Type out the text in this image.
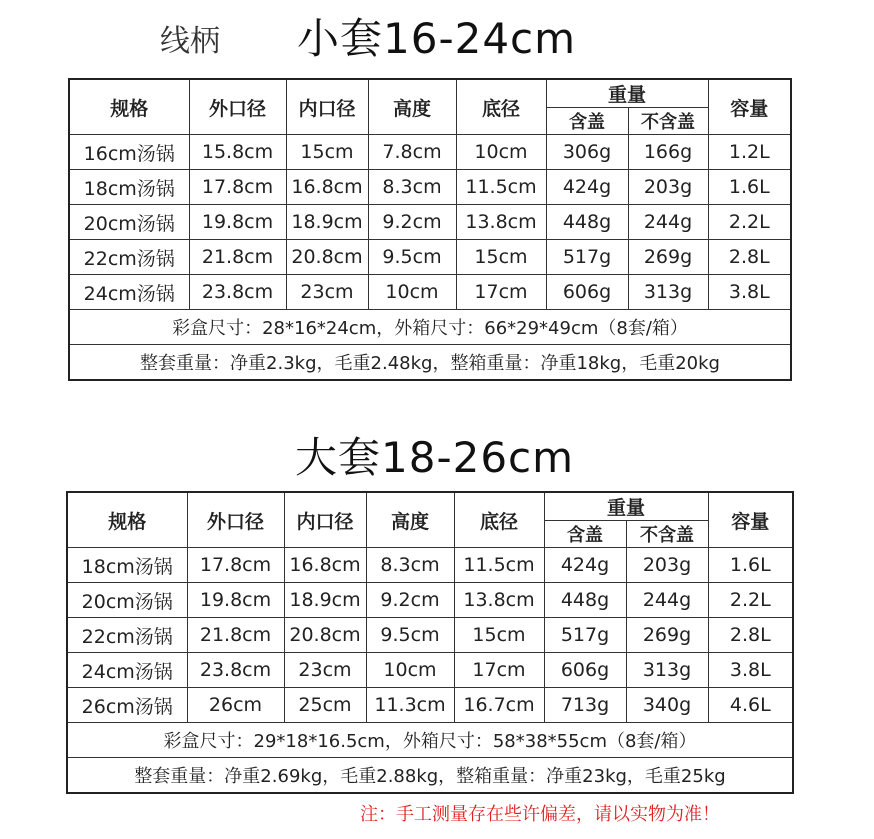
线柄 小套16-24cm
规格	外口径	内口径	高度	底径	重量		容量
					含盖	不含盖	
16cm汤锅	15.8cm	15cm	7.8cm	10cm	306g	166g	1.2L
18cm汤锅	17.8cm	16.8cm	8.3cm	11.5cm	424g	203g	1.6L
20cm汤锅	19.8cm	18.9cm	9.2cm	13.8cm	448g	244g	2.2L
22cm汤锅	21.8cm	20.8cm	9.5cm	15cm	517g	269g	2.8L
24cm汤锅	23.8cm	23cm	10cm	17cm	606g	313g	3.8L
彩盒尺寸：28*16*24cm，外箱尺寸：66*29*49cm（8套/箱）							
整套重量：净重2.3kg，毛重2.48kg，整箱重量：净重18kg，毛重20kg							
大套18-26cm
规格	外口径	内口径	高度	底径	重量		容量
					含盖	不含盖	
18cm汤锅	17.8cm	16.8cm	8.3cm	11.5cm	424g	203g	1.6L
20cm汤锅	19.8cm	18.9cm	9.2cm	13.8cm	448g	244g	2.2L
22cm汤锅	21.8cm	20.8cm	9.5cm	15cm	517g	269g	2.8L
24cm汤锅	23.8cm	23cm	10cm	17cm	606g	313g	3.8L
26cm汤锅	26cm	25cm	11.3cm	16.7cm	713g	340g	4.6L
彩盒尺寸：29*18*16.5cm，外箱尺寸：58*38*55cm（8套/箱）							
整套重量：净重2.69kg，毛重2.88kg，整箱重量：净重23kg，毛重25kg							
注：手工测量存在些许偏差，请以实物为准！
